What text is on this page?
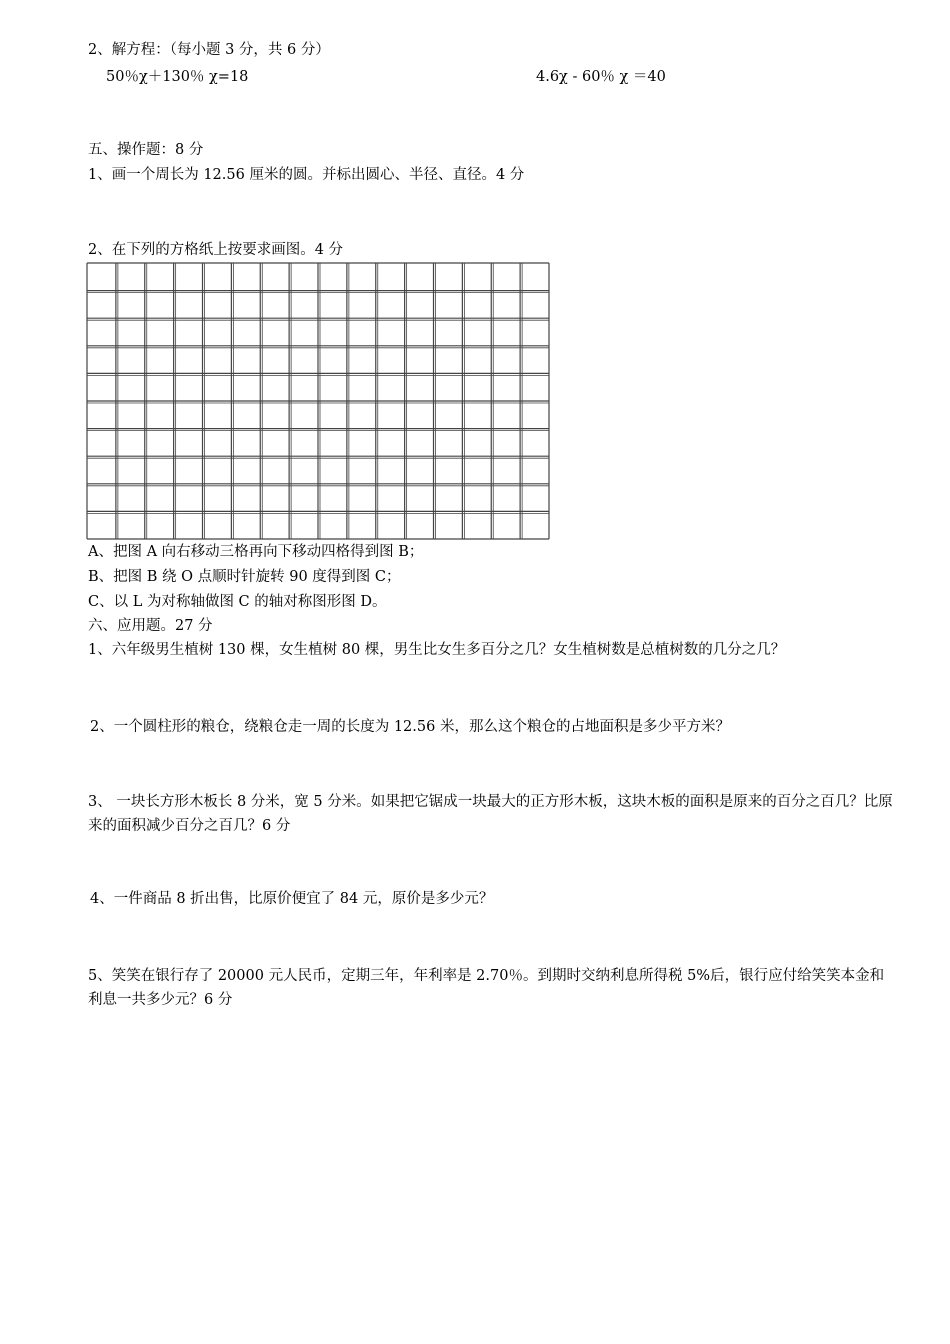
2、解方程：（每小题 3 分，共 6 分）
50％χ＋130％ χ=18	4.6χ - 60％ χ ＝40
五、操作题：8 分
1、画一个周长为 12.56 厘米的圆。并标出圆心、半径、直径。4 分
2、在下列的方格纸上按要求画图。4 分
A、把图 A 向右移动三格再向下移动四格得到图 B；
B、把图 B 绕 O 点顺时针旋转 90 度得到图 C；
C、以 L 为对称轴做图 C 的轴对称图形图 D。
六、应用题。27 分
1、六年级男生植树 130 棵，女生植树 80 棵，男生比女生多百分之几？女生植树数是总植树数的几分之几？
2、一个圆柱形的粮仓，绕粮仓走一周的长度为 12.56 米，那么这个粮仓的占地面积是多少平方米？
3、 一块长方形木板长 8 分米，宽 5 分米。如果把它锯成一块最大的正方形木板，这块木板的面积是原来的百分之百几？比原来的面积减少百分之百几？6 分
4、一件商品 8 折出售，比原价便宜了 84 元，原价是多少元？
5、笑笑在银行存了 20000 元人民币，定期三年，年利率是 2.70％。到期时交纳利息所得税 5%后，银行应付给笑笑本金和利息一共多少元？6 分
